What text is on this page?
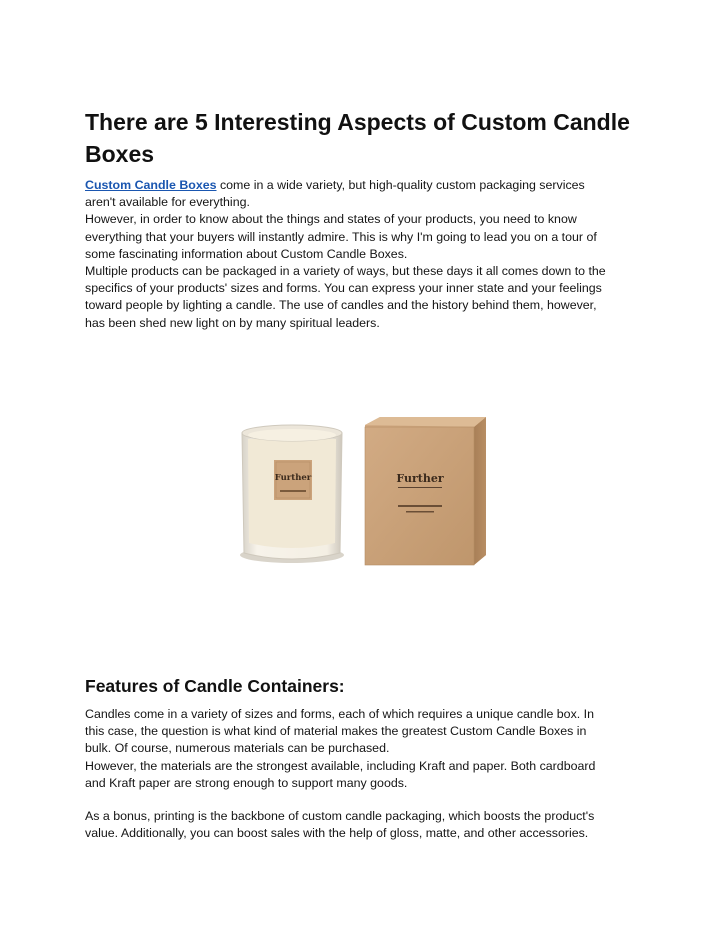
There are 5 Interesting Aspects of Custom Candle Boxes

Custom Candle Boxes come in a wide variety, but high-quality custom packaging services
aren't available for everything.
However, in order to know about the things and states of your products, you need to know
everything that your buyers will instantly admire. This is why I'm going to lead you on a tour of
some fascinating information about Custom Candle Boxes.
Multiple products can be packaged in a variety of ways, but these days it all comes down to the
specifics of your products' sizes and forms. You can express your inner state and your feelings
toward people by lighting a candle. The use of candles and the history behind them, however,
has been shed new light on by many spiritual leaders.

Further	Further
Features of Candle Containers:

Candles come in a variety of sizes and forms, each of which requires a unique candle box. In
this case, the question is what kind of material makes the greatest Custom Candle Boxes in
bulk. Of course, numerous materials can be purchased.
However, the materials are the strongest available, including Kraft and paper. Both cardboard
and Kraft paper are strong enough to support many goods.

As a bonus, printing is the backbone of custom candle packaging, which boosts the product's
value. Additionally, you can boost sales with the help of gloss, matte, and other accessories.
